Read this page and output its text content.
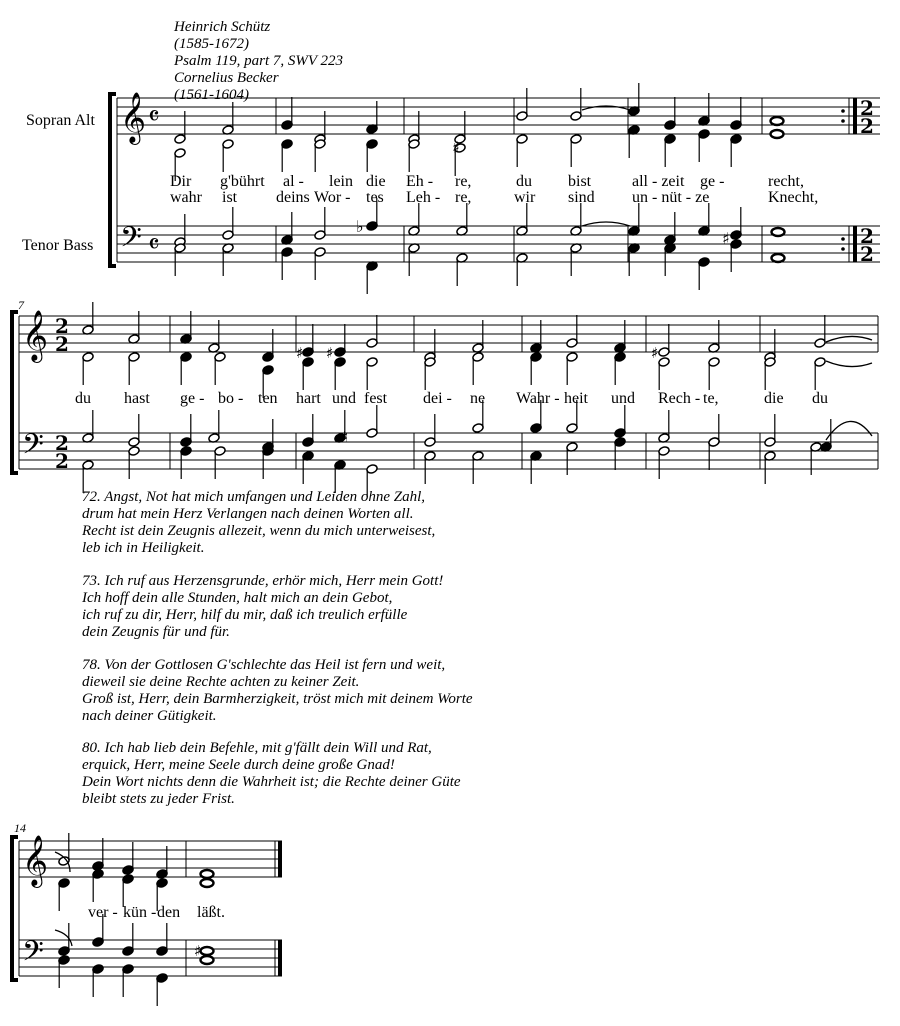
Heinrich Schütz
(1585-1672)
Psalm 119, part 7, SWV 223
Cornelius Becker
(1561-1604)
Sopran Alt
Tenor Bass
7
14
𝄞
𝄢
𝄴
𝄴
2
2
2
2
♯
♭
♯
𝄞
𝄢
2
2
2
2
♯
♯	♯
♮
𝄞
𝄢	♯
Dir g'bührt al - lein die Eh - re,	du bist	all - zeit ge -	recht,
wahr ist deins Wor - tes Leh - re,	wir sind un - nüt - ze	Knecht,
du hast ge - bo - ten hart und fest dei - ne Wahr - heit und Rech - te,	die du
72. Angst, Not hat mich umfangen und Leiden ohne Zahl,
drum hat mein Herz Verlangen nach deinen Worten all.
Recht ist dein Zeugnis allezeit, wenn du mich unterweisest,
leb ich in Heiligkeit.
73. Ich ruf aus Herzensgrunde, erhör mich, Herr mein Gott!
Ich hoff dein alle Stunden, halt mich an dein Gebot,
ich ruf zu dir, Herr, hilf du mir, daß ich treulich erfülle
dein Zeugnis für und für.
78. Von der Gottlosen G'schlechte das Heil ist fern und weit,
dieweil sie deine Rechte achten zu keiner Zeit.
Groß ist, Herr, dein Barmherzigkeit, tröst mich mit deinem Worte
nach deiner Gütigkeit.
80. Ich hab lieb dein Befehle, mit g'fällt dein Will und Rat,
erquick, Herr, meine Seele durch deine große Gnad!
Dein Wort nichts denn die Wahrheit ist; die Rechte deiner Güte
bleibt stets zu jeder Frist.
ver - kün - den läßt.
